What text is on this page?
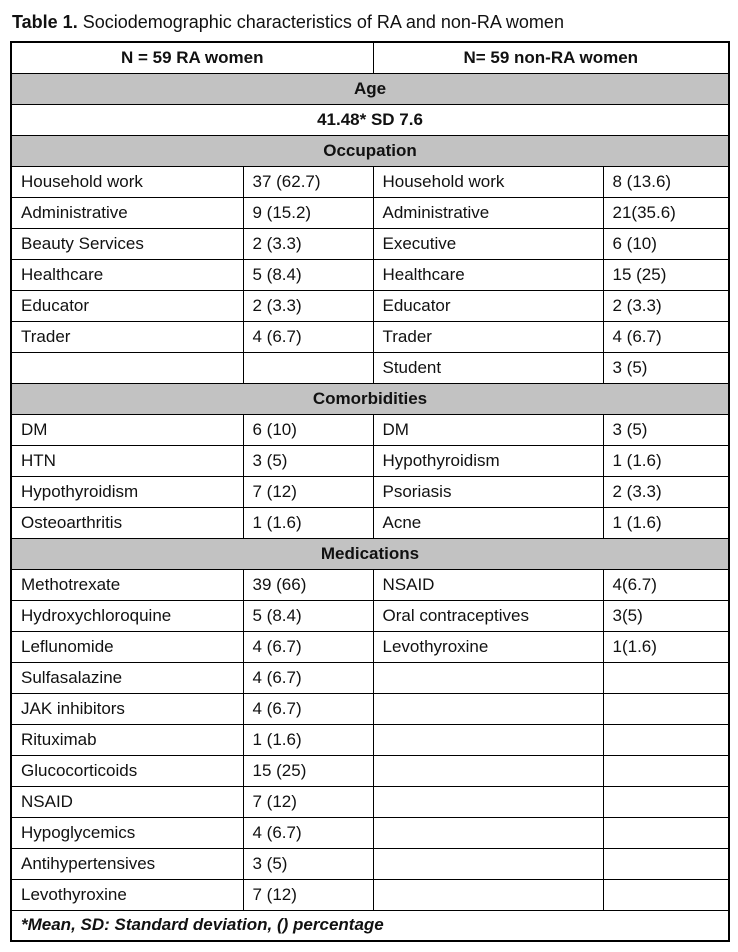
Table 1. Sociodemographic characteristics of RA and non-RA women
N = 59 RA women		N= 59 non-RA women	
Age			
41.48* SD 7.6			
Occupation			
Household work	37 (62.7)	Household work	8 (13.6)
Administrative	9 (15.2)	Administrative	21(35.6)
Beauty Services	2 (3.3)	Executive	6 (10)
Healthcare	5 (8.4)	Healthcare	15 (25)
Educator	2 (3.3)	Educator	2 (3.3)
Trader	4 (6.7)	Trader	4 (6.7)
		Student	3 (5)
Comorbidities			
DM	6 (10)	DM	3 (5)
HTN	3 (5)	Hypothyroidism	1 (1.6)
Hypothyroidism	7 (12)	Psoriasis	2 (3.3)
Osteoarthritis	1 (1.6)	Acne	1 (1.6)
Medications			
Methotrexate	39 (66)	NSAID	4(6.7)
Hydroxychloroquine	5 (8.4)	Oral contraceptives	3(5)
Leflunomide	4 (6.7)	Levothyroxine	1(1.6)
Sulfasalazine	4 (6.7)		
JAK inhibitors	4 (6.7)		
Rituximab	1 (1.6)		
Glucocorticoids	15 (25)		
NSAID	7 (12)		
Hypoglycemics	4 (6.7)		
Antihypertensives	3 (5)		
Levothyroxine	7 (12)		
*Mean, SD: Standard deviation, () percentage			
